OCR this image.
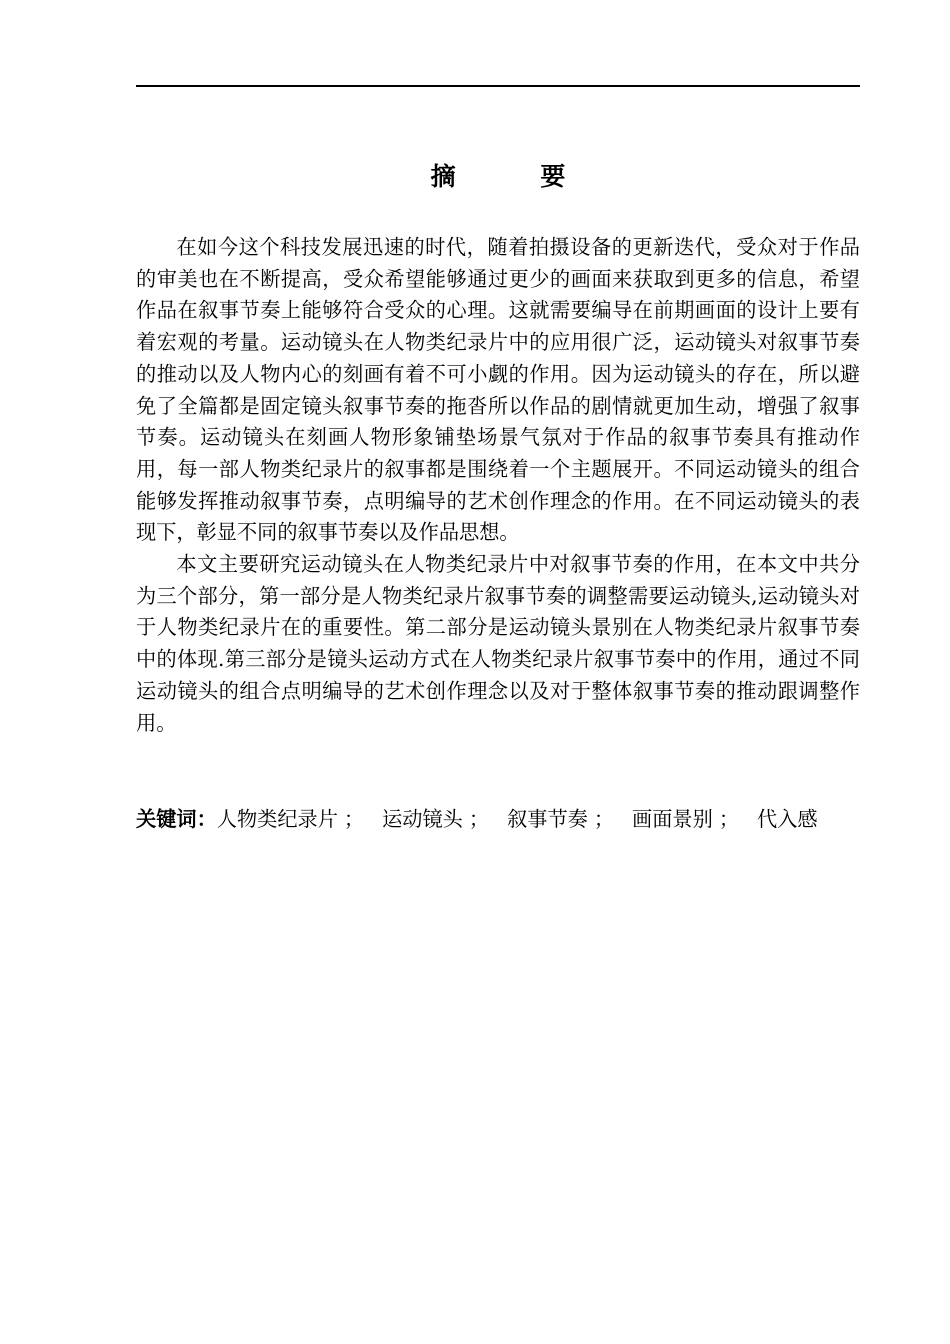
摘 要

在如今这个科技发展迅速的时代，随着拍摄设备的更新迭代，受众对于作品的审美也在不断提高，受众希望能够通过更少的画面来获取到更多的信息，希望作品在叙事节奏上能够符合受众的心理。这就需要编导在前期画面的设计上要有着宏观的考量。运动镜头在人物类纪录片中的应用很广泛，运动镜头对叙事节奏的推动以及人物内心的刻画有着不可小觑的作用。因为运动镜头的存在，所以避免了全篇都是固定镜头叙事节奏的拖沓所以作品的剧情就更加生动，增强了叙事节奏。运动镜头在刻画人物形象铺垫场景气氛对于作品的叙事节奏具有推动作用，每一部人物类纪录片的叙事都是围绕着一个主题展开。不同运动镜头的组合能够发挥推动叙事节奏，点明编导的艺术创作理念的作用。在不同运动镜头的表现下，彰显不同的叙事节奏以及作品思想。

本文主要研究运动镜头在人物类纪录片中对叙事节奏的作用，在本文中共分为三个部分，第一部分是人物类纪录片叙事节奏的调整需要运动镜头,运动镜头对于人物类纪录片在的重要性。第二部分是运动镜头景别在人物类纪录片叙事节奏中的体现.第三部分是镜头运动方式在人物类纪录片叙事节奏中的作用，通过不同运动镜头的组合点明编导的艺术创作理念以及对于整体叙事节奏的推动跟调整作用。

关键词：人物类纪录片 ； 运动镜头 ； 叙事节奏 ； 画面景别 ； 代入感
